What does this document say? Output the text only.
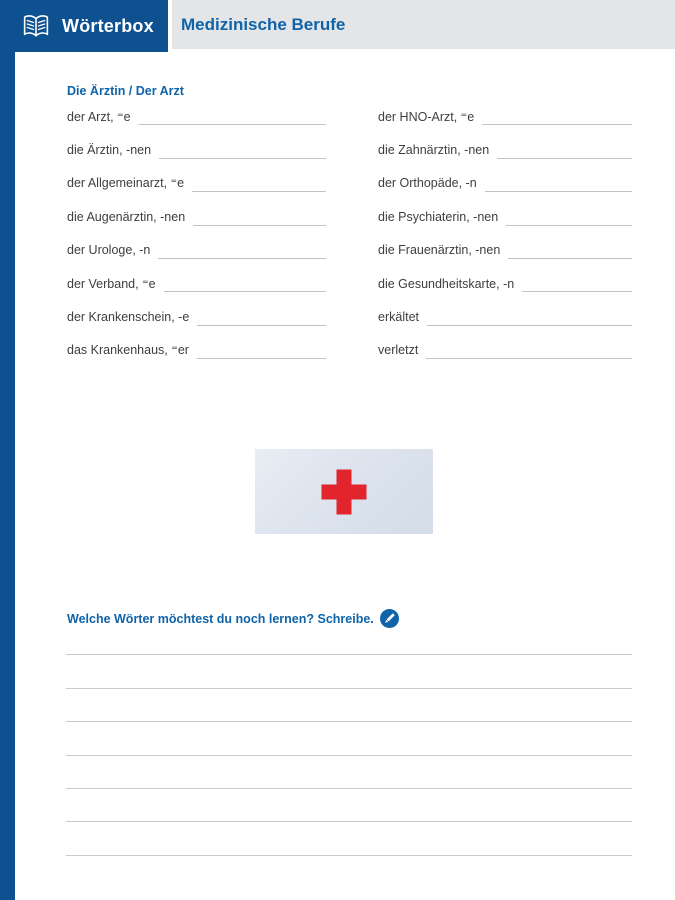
Wörterbox Medizinische Berufe
Die Ärztin / Der Arzt
der Arzt, ⁼e
die Ärztin, -nen
der Allgemeinarzt, ⁼e
die Augenärztin, -nen
der Urologe, -n
der Verband, ⁼e
der Krankenschein, -e
das Krankenhaus, ⁼er
der HNO-Arzt, ⁼e
die Zahnärztin, -nen
der Orthopäde, -n
die Psychiaterin, -nen
die Frauenärztin, -nen
die Gesundheitskarte, -n
erkältet
verletzt
Welche Wörter möchtest du noch lernen? Schreibe.
